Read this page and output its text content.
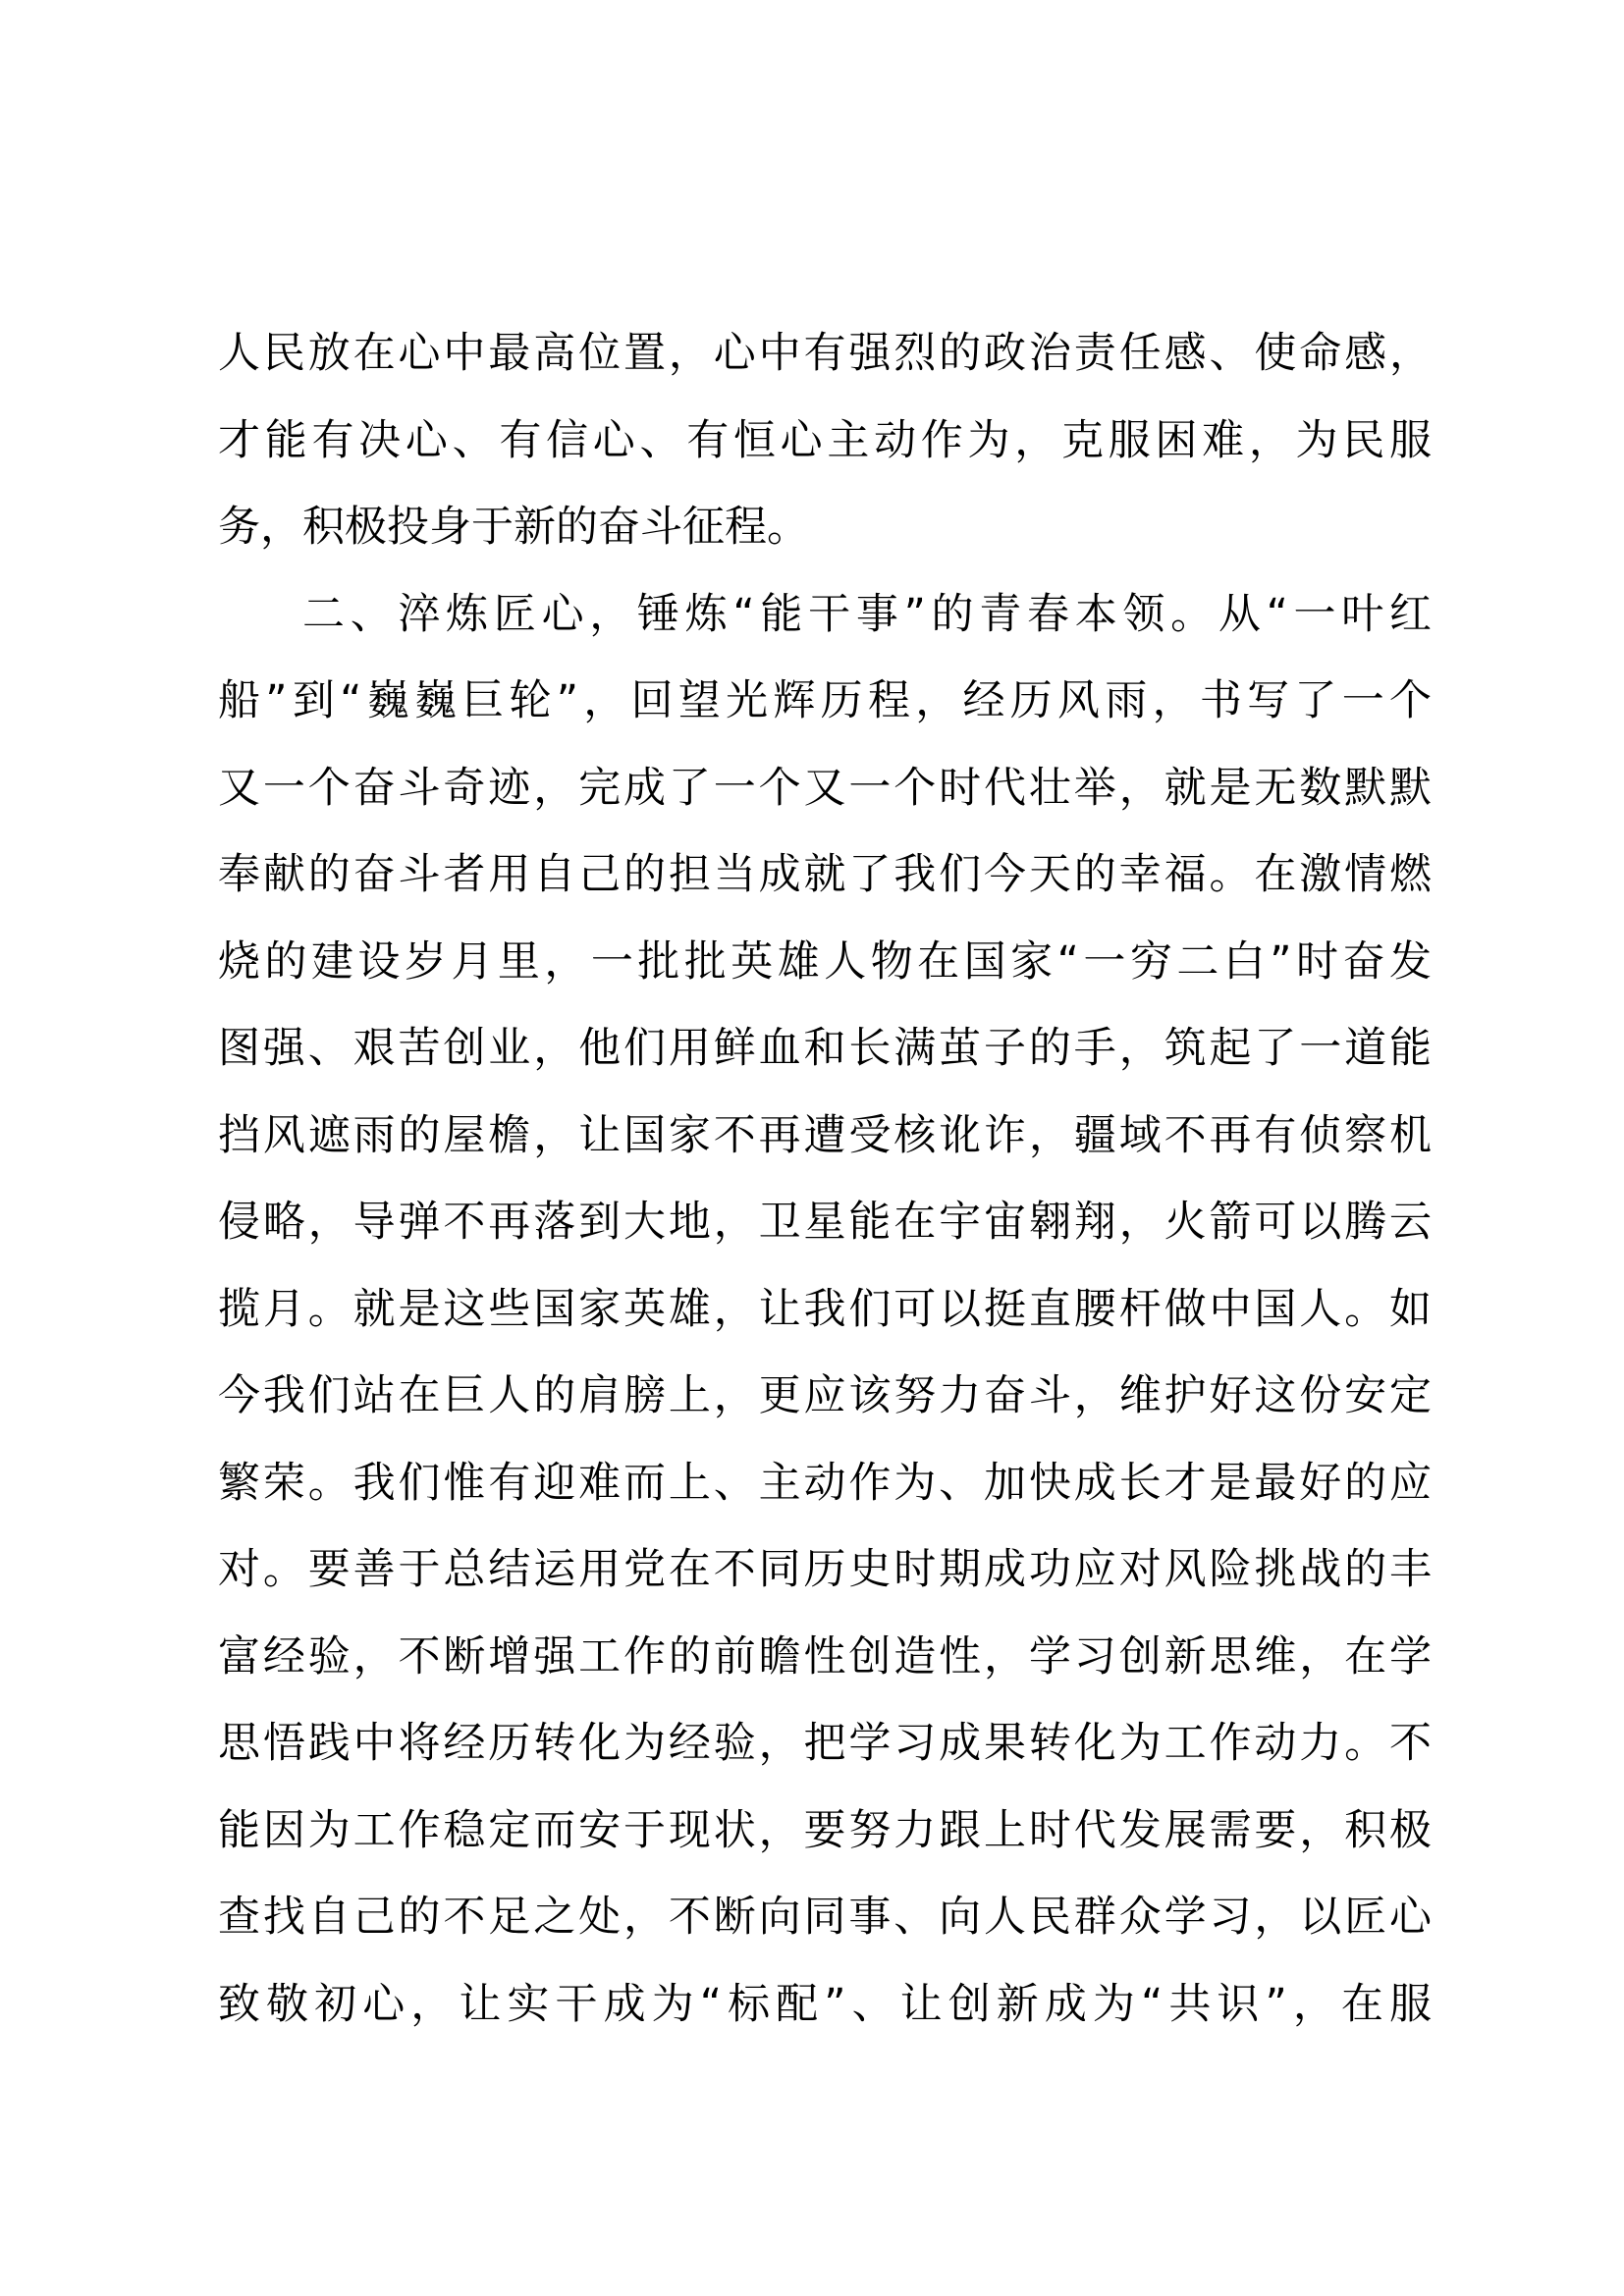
人民放在心中最高位置，心中有强烈的政治责任感、使命感，
才能有决心、有信心、有恒心主动作为，克服困难，为民服
务，积极投身于新的奋斗征程。
二、淬炼匠心，锤炼“能干事”的青春本领。从“一叶红
船”到“巍巍巨轮”，回望光辉历程，经历风雨，书写了一个
又一个奋斗奇迹，完成了一个又一个时代壮举，就是无数默默
奉献的奋斗者用自己的担当成就了我们今天的幸福。在激情燃
烧的建设岁月里，一批批英雄人物在国家“一穷二白”时奋发
图强、艰苦创业，他们用鲜血和长满茧子的手，筑起了一道能
挡风遮雨的屋檐，让国家不再遭受核讹诈，疆域不再有侦察机
侵略，导弹不再落到大地，卫星能在宇宙翱翔，火箭可以腾云
揽月。就是这些国家英雄，让我们可以挺直腰杆做中国人。如
今我们站在巨人的肩膀上，更应该努力奋斗，维护好这份安定
繁荣。我们惟有迎难而上、主动作为、加快成长才是最好的应
对。要善于总结运用党在不同历史时期成功应对风险挑战的丰
富经验，不断增强工作的前瞻性创造性，学习创新思维，在学
思悟践中将经历转化为经验，把学习成果转化为工作动力。不
能因为工作稳定而安于现状，要努力跟上时代发展需要，积极
查找自己的不足之处，不断向同事、向人民群众学习，以匠心
致敬初心，让实干成为“标配”、让创新成为“共识”，在服
